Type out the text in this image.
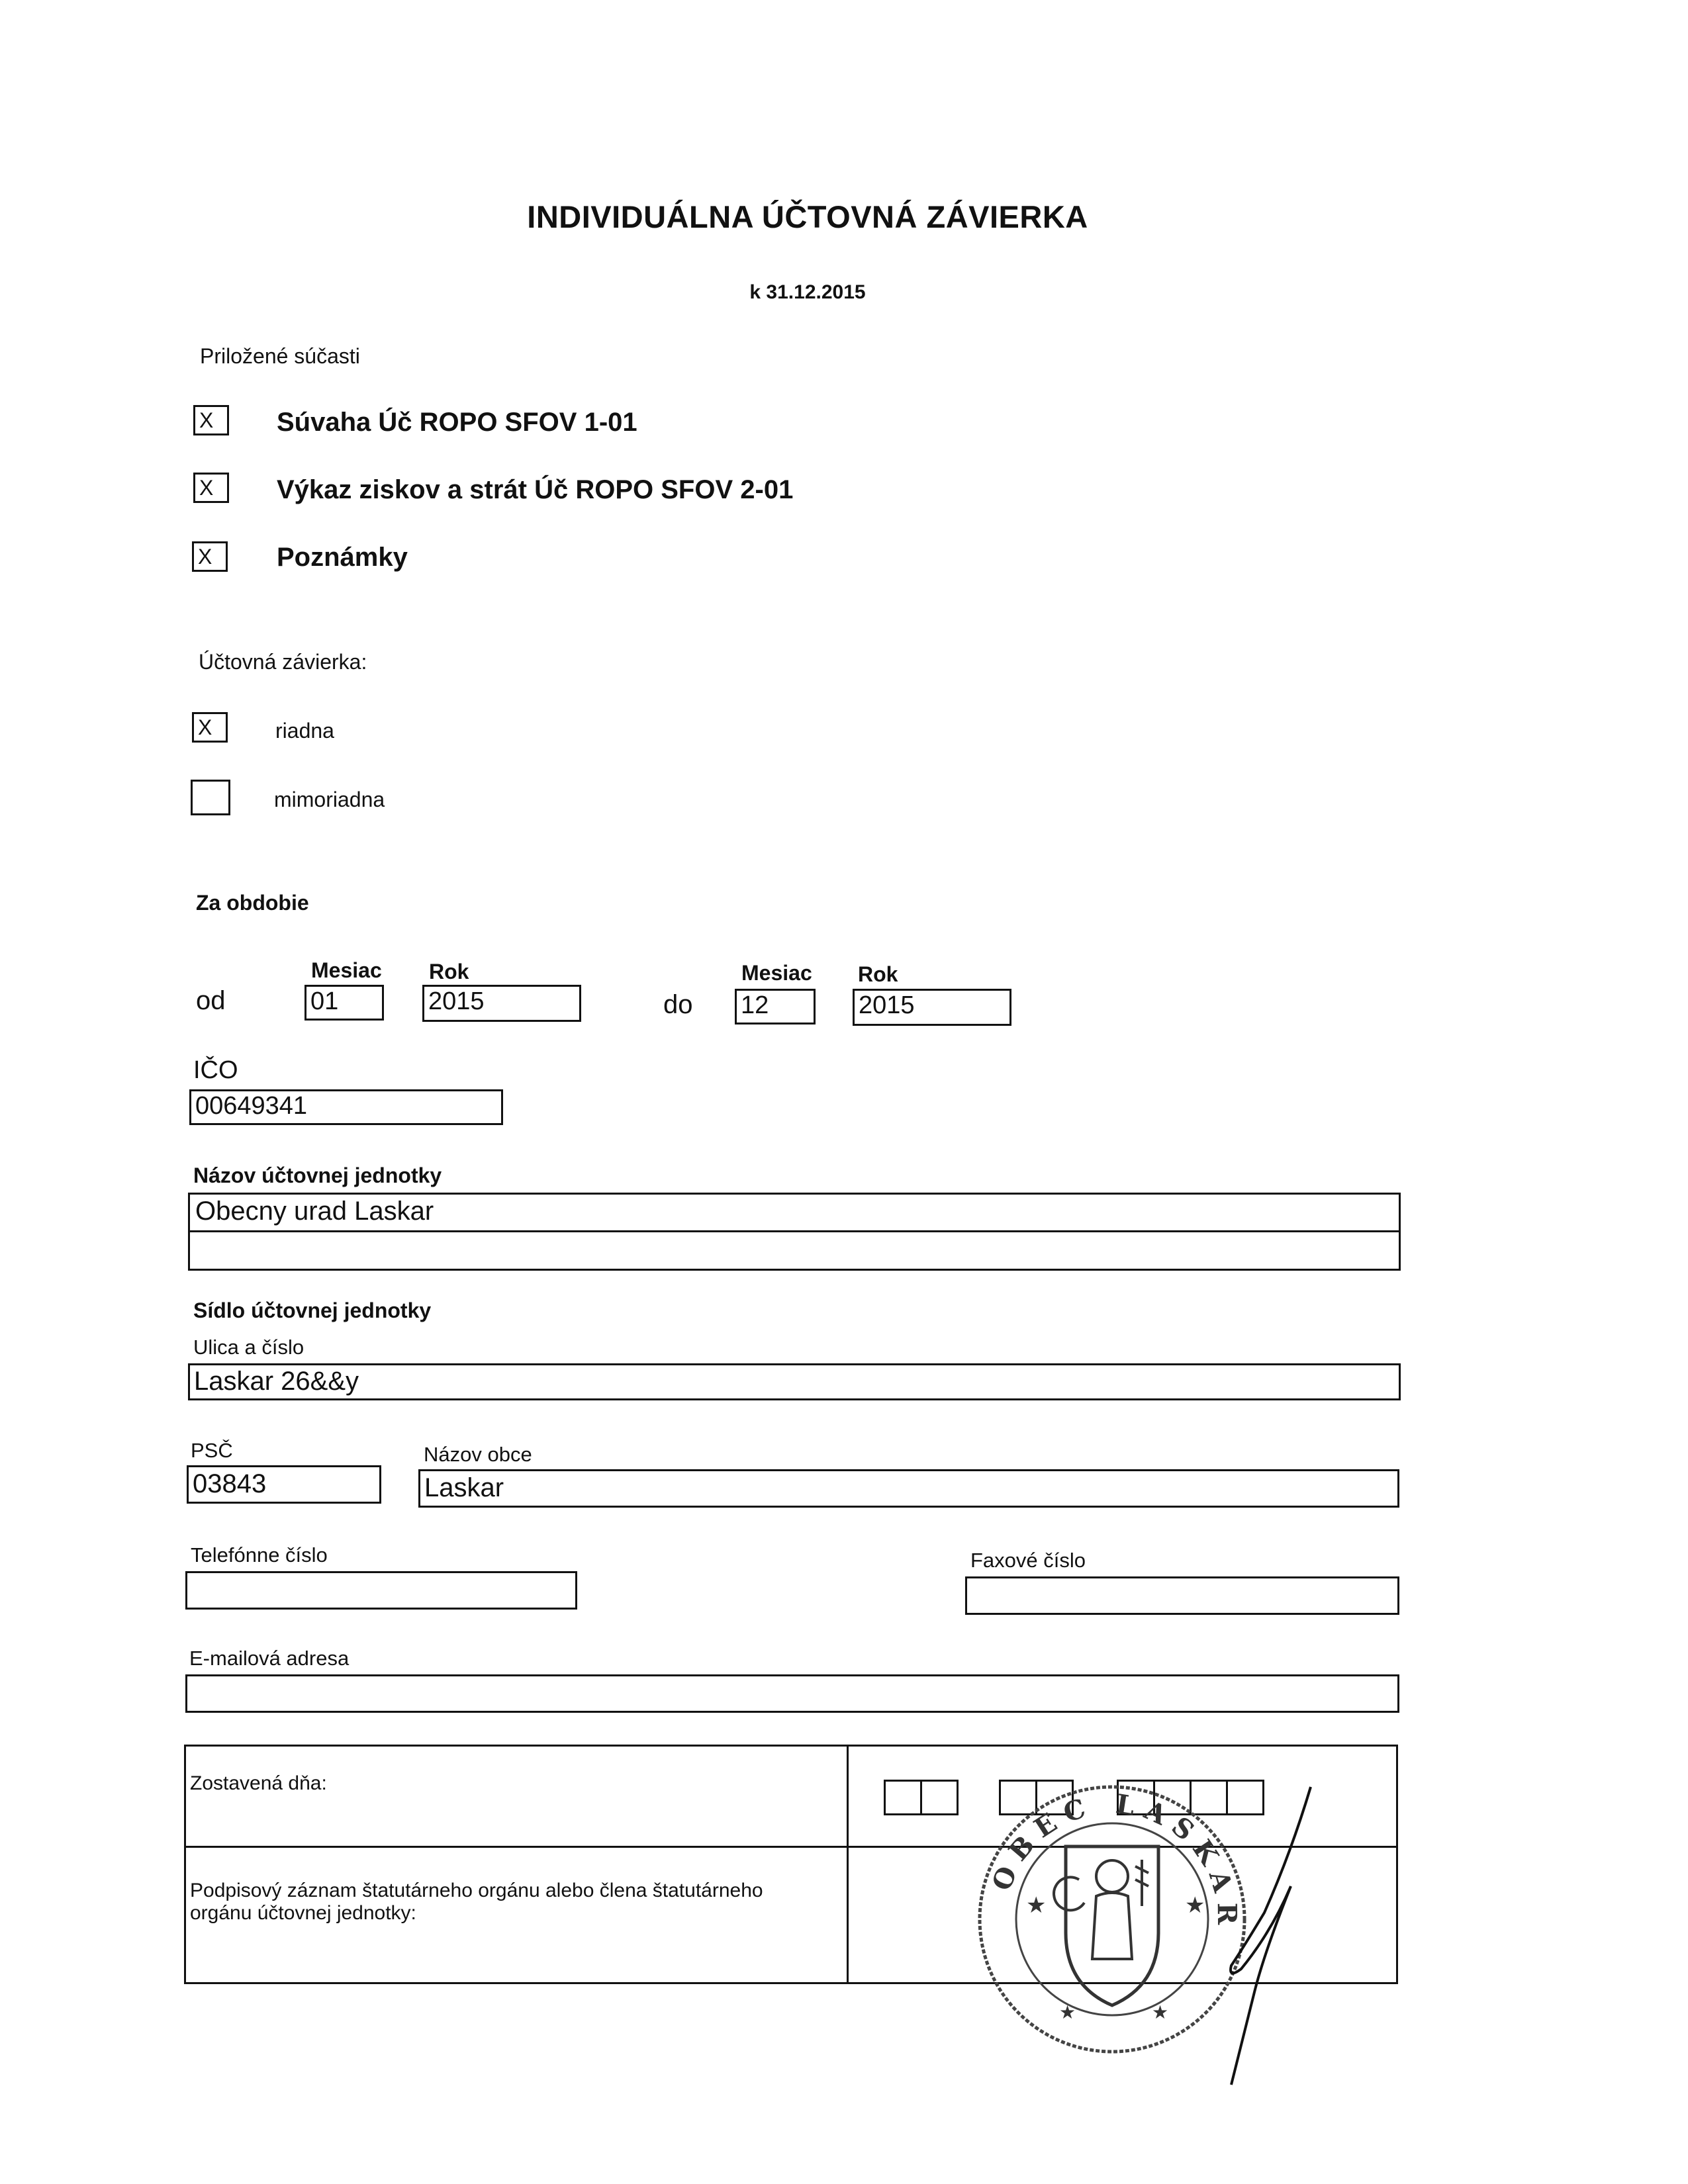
INDIVIDUÁLNA ÚČTOVNÁ ZÁVIERKA
k 31.12.2015
Priložené súčasti
X	Súvaha Úč ROPO SFOV 1-01
X	Výkaz ziskov a strát Úč ROPO SFOV 2-01
X	Poznámky
Účtovná závierka:
X	riadna
mimoriadna
Za obdobie
Mesiac Rok
od	01	2015
Mesiac Rok
do 12	2015
IČO
00649341
Názov účtovnej jednotky
Obecny urad Laskar
Sídlo účtovnej jednotky
Ulica a číslo
Laskar 26&&y
PSČ
03843
Názov obce
Laskar
Telefónne číslo	Faxové číslo
E-mailová adresa
Zostavená dňa:
Podpisový záznam štatutárneho orgánu alebo člena štatutárneho
orgánu účtovnej jednotky:	★	★
★	★
OBEC LASKAR
